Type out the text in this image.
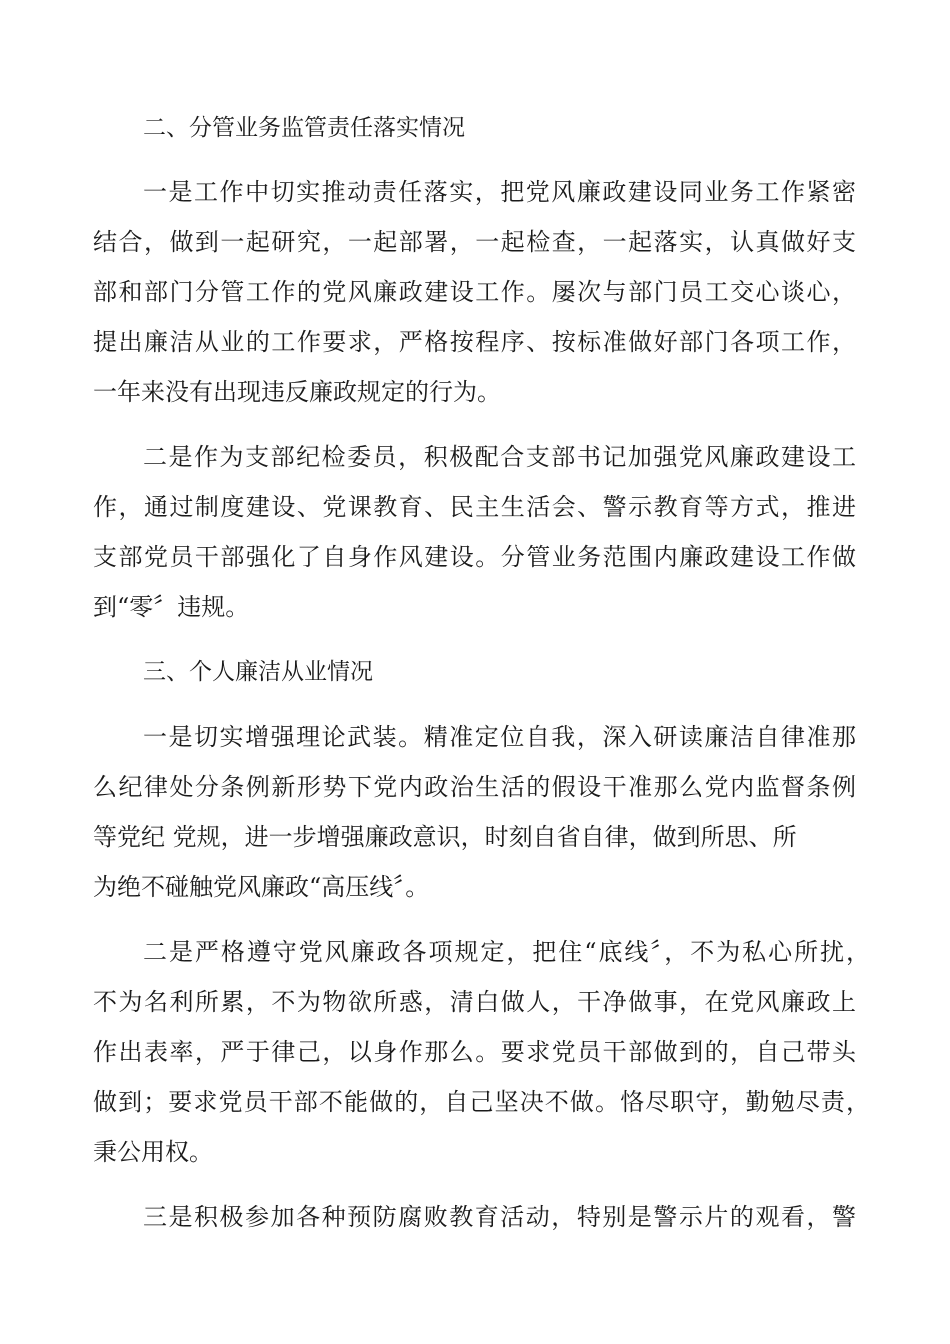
二、分管业务监管责任落实情况
一是工作中切实推动责任落实，把党风廉政建设同业务工作紧密
结合，做到一起研究，一起部署，一起检查，一起落实，认真做好支
部和部门分管工作的党风廉政建设工作。屡次与部门员工交心谈心，
提出廉洁从业的工作要求，严格按程序、按标准做好部门各项工作，
一年来没有出现违反廉政规定的行为。
二是作为支部纪检委员，积极配合支部书记加强党风廉政建设工
作，通过制度建设、党课教育、民主生活会、警示教育等方式，推进
支部党员干部强化了自身作风建设。分管业务范围内廉政建设工作做
到“零〞违规。
三、个人廉洁从业情况
一是切实增强理论武装。精准定位自我，深入研读廉洁自律准那
么纪律处分条例新形势下党内政治生活的假设干准那么党内监督条例
等党纪 党规，进一步增强廉政意识，时刻自省自律，做到所思、所
为绝不碰触党风廉政“高压线〞。
二是严格遵守党风廉政各项规定，把住“底线〞，不为私心所扰，
不为名利所累，不为物欲所惑，清白做人，干净做事，在党风廉政上
作出表率，严于律己，以身作那么。要求党员干部做到的，自己带头
做到；要求党员干部不能做的，自己坚决不做。恪尽职守，勤勉尽责，
秉公用权。
三是积极参加各种预防腐败教育活动，特别是警示片的观看，警
